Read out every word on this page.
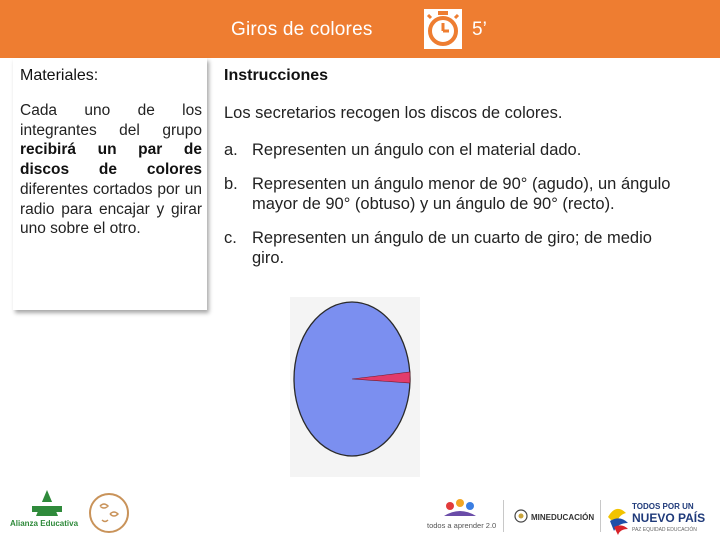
Giros de colores	5’
Materiales:
Cada uno de los integrantes del grupo recibirá un par de discos de colores diferentes cortados por un radio para encajar y girar uno sobre el otro.
Instrucciones
Los secretarios recogen los discos de colores.
a. Representen un ángulo con el material dado.
b. Representen un ángulo menor de 90° (agudo), un ángulo mayor de 90° (obtuso) y un ángulo de 90° (recto).
c. Representen un ángulo de un cuarto de giro; de medio giro.
Alianza Educativa	todos a aprender 2.0
MINEDUCACIÓN
TODOS POR UN
NUEVO PAÍS
PAZ EQUIDAD EDUCACIÓN
